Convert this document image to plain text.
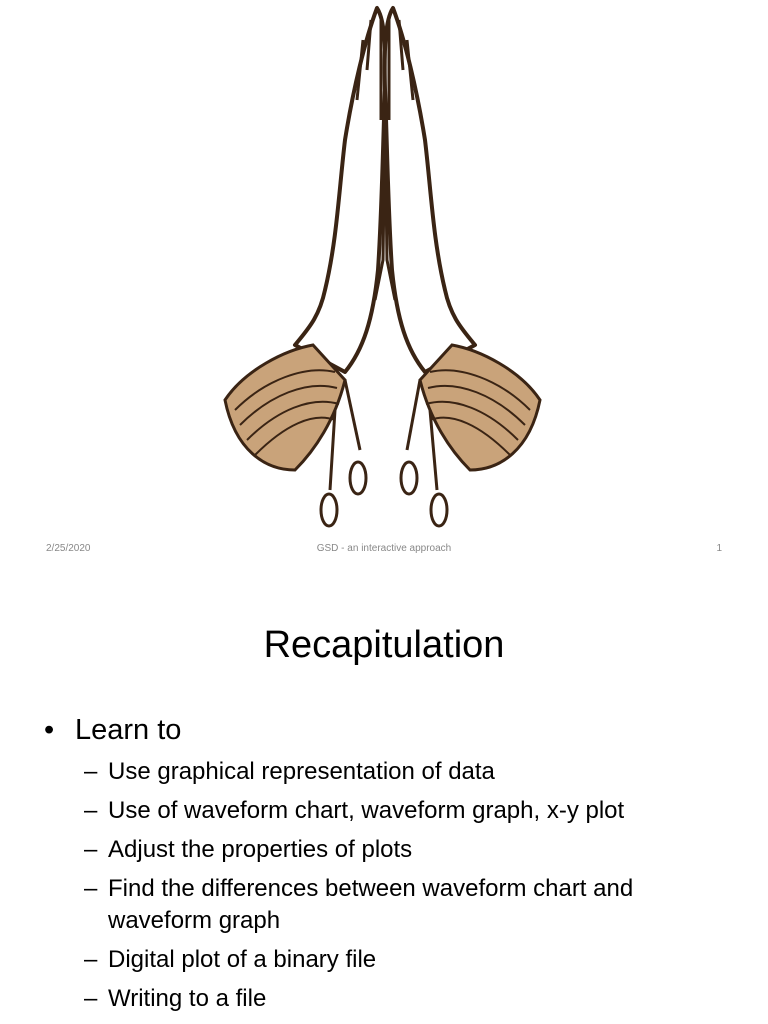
2/25/2020	GSD - an interactive approach	1
Recapitulation
• Learn to
– Use graphical representation of data
– Use of waveform chart, waveform graph, x-y plot
– Adjust the properties of plots
– Find the differences between waveform chart and waveform graph
– Digital plot of a binary file
– Writing to a file
